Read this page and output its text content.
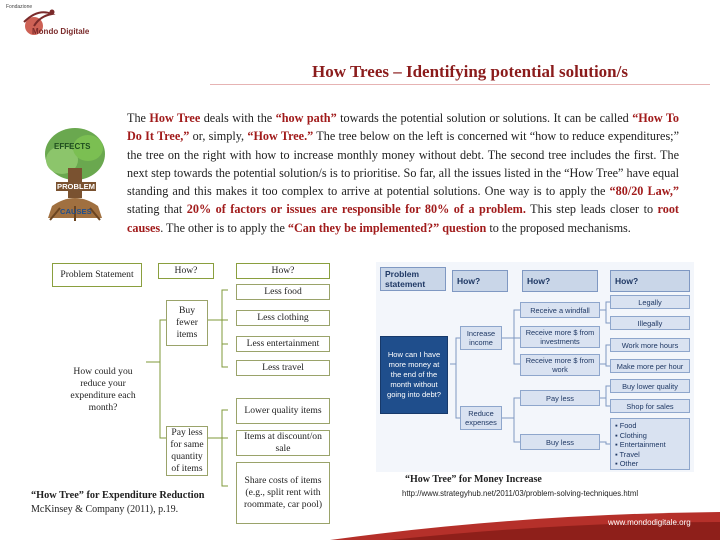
Fondazione
Mondo Digitale
How Trees – Identifying potential solution/s
EFFECTS
PROBLEM
CAUSES
The How Tree deals with the “how path” towards the potential solution or solutions. It can be called “How To Do It Tree,” or, simply, “How Tree.” The tree below on the left is concerned wit “how to reduce expenditures;” the tree on the right with how to increase monthly money without debt. The second tree includes the first. The next step towards the potential solution/s is to prioritise. So far, all the issues listed in the “How Tree” have equal standing and this makes it too complex to arrive at potential solutions. One way is to apply the “80/20 Law,” stating that 20% of factors or issues are responsible for 80% of a problem. This step leads closer to root causes. The other is to apply the “Can they be implemented?” question to the proposed mechanisms.
Problem Statement	How?	How?
How could you reduce your expenditure each month?
Buy fewer items
Pay less for same quantity of items
Less food
Less clothing
Less entertainment
Less travel
Lower quality items
Items at discount/on sale
Share costs of items (e.g., split rent with roommate, car pool)
“How Tree” for Expenditure Reduction
McKinsey & Company (2011), p.19.
Problem statement	How?	How?	How?
How can I have more money at the end of the month without going into debt?
Increase income
Reduce expenses
Receive a windfall
Receive more $ from investments
Receive more $ from work
Pay less
Buy less
Legally
Illegally
Work more hours
Make more per hour
Buy lower quality
Shop for sales
▪ Food
▪ Clothing
▪ Entertainment
▪ Travel
▪ Other
“How Tree” for Money Increase
http://www.strategyhub.net/2011/03/problem-solving-techniques.html
www.mondodigitale.org
